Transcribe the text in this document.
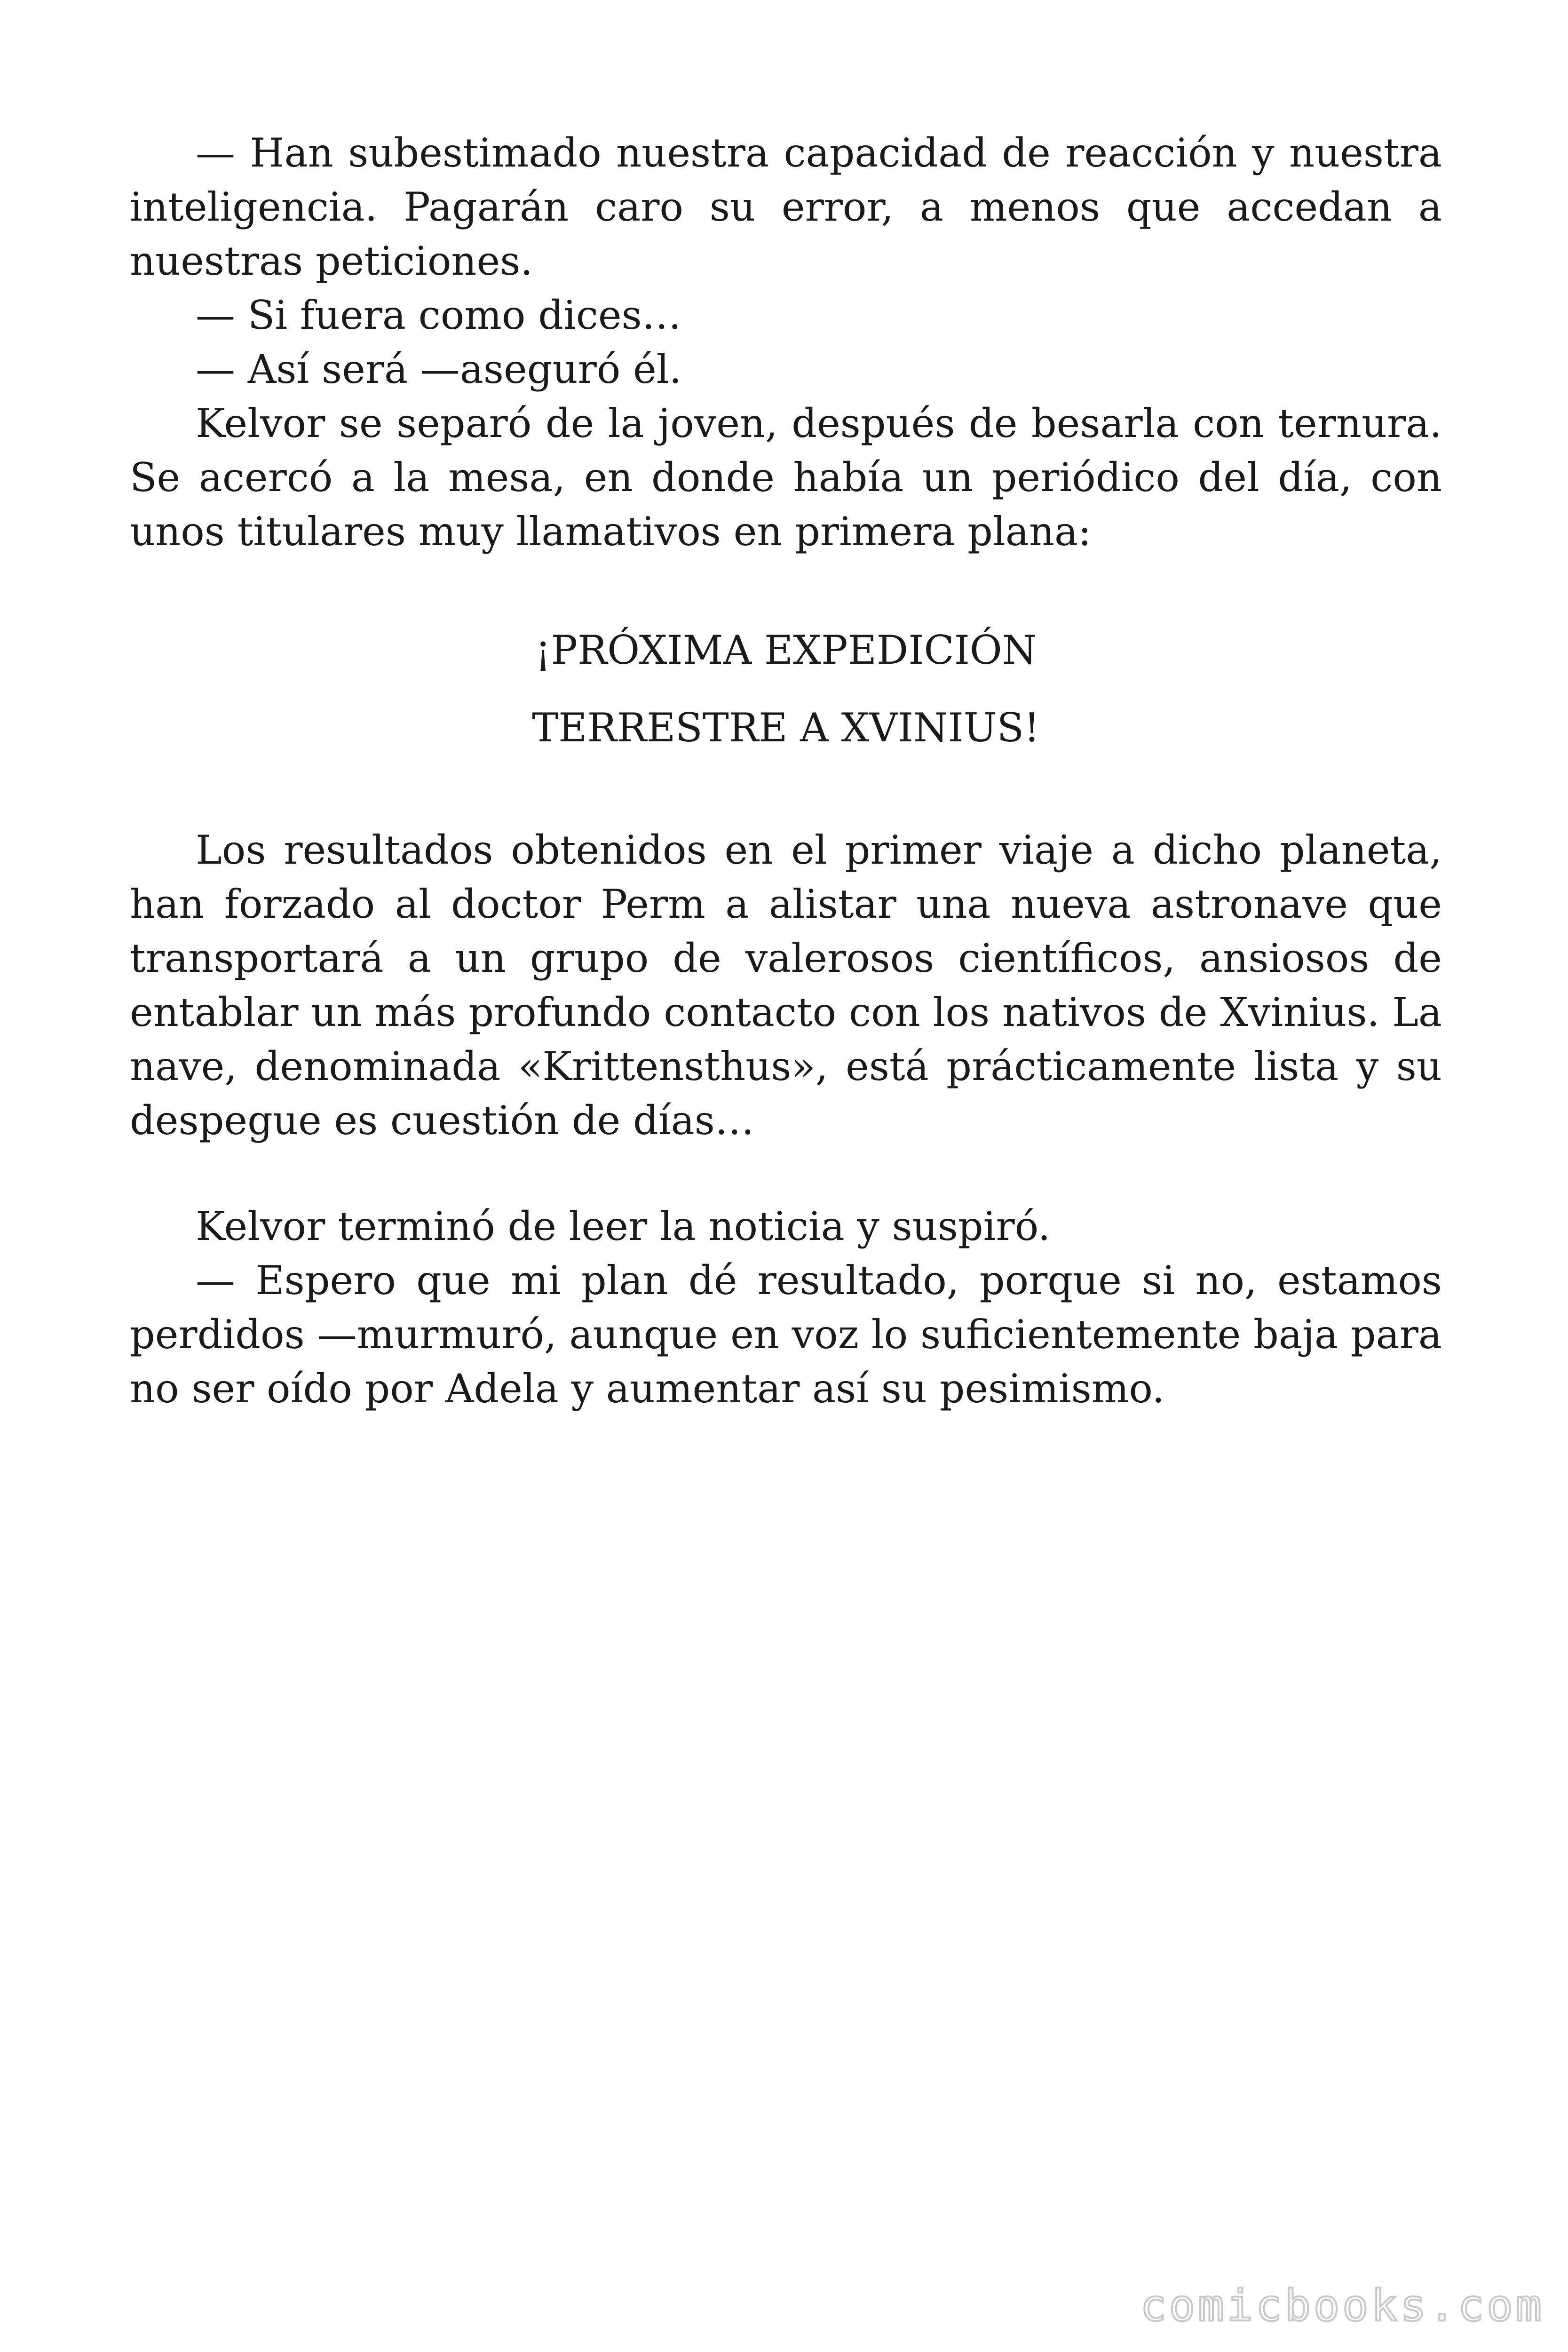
— Han subestimado nuestra capacidad de reacción y nuestra inteligencia. Pagarán caro su error, a menos que accedan a nuestras peticiones.

— Si fuera como dices…

— Así será —aseguró él.

Kelvor se separó de la joven, después de besarla con ternura. Se acercó a la mesa, en donde había un periódico del día, con unos titulares muy llamativos en primera plana:

¡PRÓXIMA EXPEDICIÓN
TERRESTRE A XVINIUS!

Los resultados obtenidos en el primer viaje a dicho planeta, han forzado al doctor Perm a alistar una nueva astronave que transportará a un grupo de valerosos científicos, ansiosos de entablar un más profundo contacto con los nativos de Xvinius. La nave, denominada «Krittensthus», está prácticamente lista y su despegue es cuestión de días…

Kelvor terminó de leer la noticia y suspiró.

— Espero que mi plan dé resultado, porque si no, estamos perdidos —murmuró, aunque en voz lo suficientemente baja para no ser oído por Adela y aumentar así su pesimismo.

comicbooks.com
